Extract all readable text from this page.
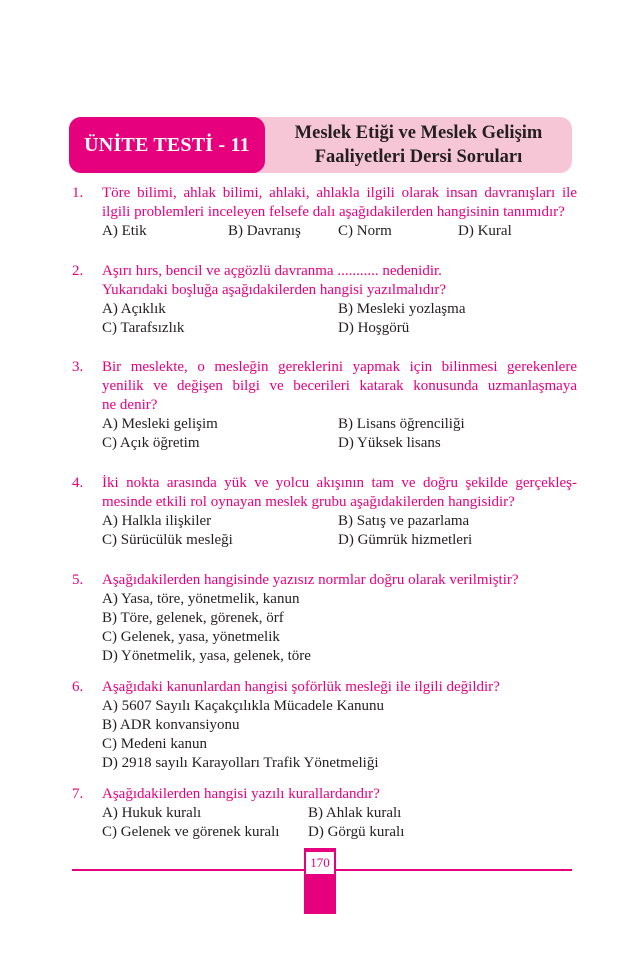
ÜNİTE TESTİ - 11
Meslek Etiği ve Meslek Gelişim
Faaliyetleri Dersi Soruları
1. Töre bilimi, ahlak bilimi, ahlaki, ahlakla ilgili olarak insan davranışları ile
ilgili problemleri inceleyen felsefe dalı aşağıdakilerden hangisinin tanımıdır?
A) Etik	B) Davranış C) Norm	D) Kural
2. Aşırı hırs, bencil ve açgözlü davranma ........... nedenidir.
Yukarıdaki boşluğa aşağıdakilerden hangisi yazılmalıdır?
A) Açıklık	B) Mesleki yozlaşma
C) Tarafsızlık	D) Hoşgörü
3. Bir meslekte, o mesleğin gereklerini yapmak için bilinmesi gerekenlere
yenilik ve değişen bilgi ve becerileri katarak konusunda uzmanlaşmaya
ne denir?
A) Mesleki gelişim	B) Lisans öğrenciliği
C) Açık öğretim	D) Yüksek lisans
4. İki nokta arasında yük ve yolcu akışının tam ve doğru şekilde gerçekleş-
mesinde etkili rol oynayan meslek grubu aşağıdakilerden hangisidir?
A) Halkla ilişkiler	B) Satış ve pazarlama
C) Sürücülük mesleği	D) Gümrük hizmetleri
5. Aşağıdakilerden hangisinde yazısız normlar doğru olarak verilmiştir?
A) Yasa, töre, yönetmelik, kanun
B) Töre, gelenek, görenek, örf
C) Gelenek, yasa, yönetmelik
D) Yönetmelik, yasa, gelenek, töre
6. Aşağıdaki kanunlardan hangisi şoförlük mesleği ile ilgili değildir?
A) 5607 Sayılı Kaçakçılıkla Mücadele Kanunu
B) ADR konvansiyonu
C) Medeni kanun
D) 2918 sayılı Karayolları Trafik Yönetmeliği
7. Aşağıdakilerden hangisi yazılı kurallardandır?
A) Hukuk kuralı	B) Ahlak kuralı
C) Gelenek ve görenek kuralı D) Görgü kuralı
170
